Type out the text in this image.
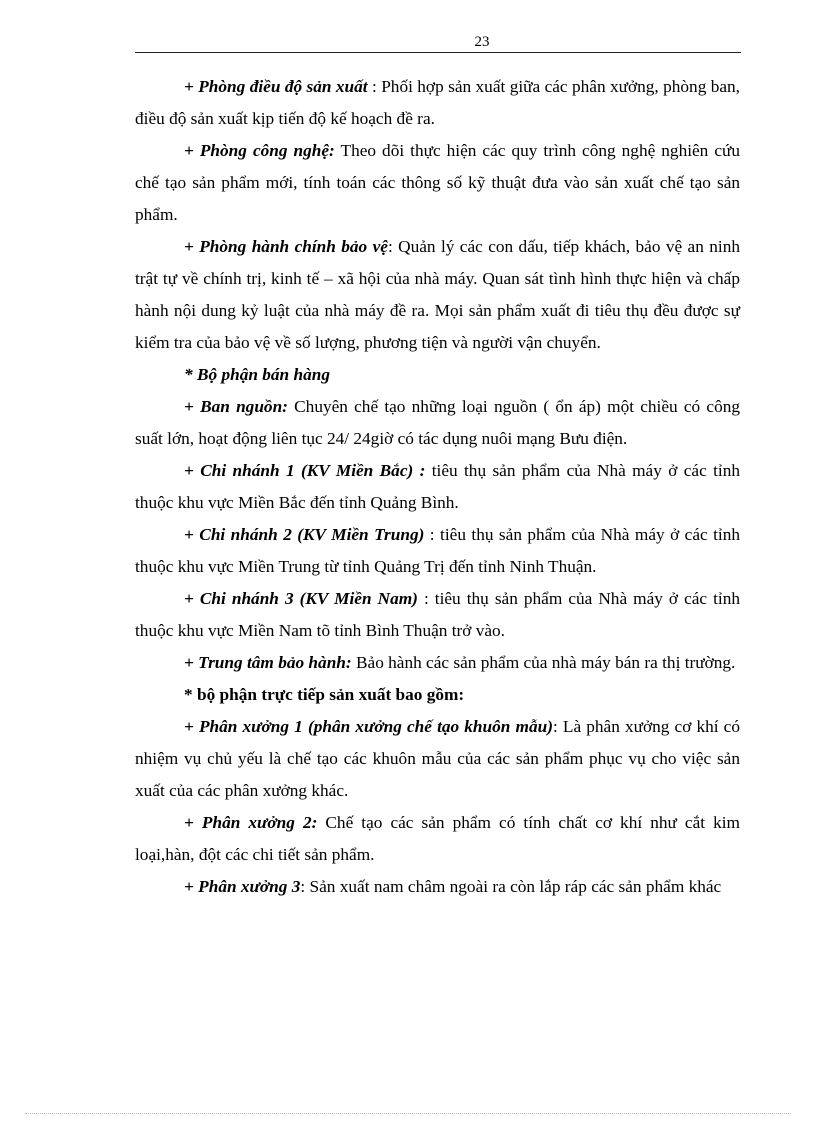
23

+ Phòng điều độ sản xuất : Phối hợp sản xuất giữa các phân xưởng, phòng ban, điều độ sản xuất kịp tiến độ kế hoạch đề ra.

+ Phòng công nghệ: Theo dõi thực hiện các quy trình công nghệ nghiên cứu chế tạo sản phẩm mới, tính toán các thông số kỹ thuật đưa vào sản xuất chế tạo sản phẩm.

+ Phòng hành chính bảo vệ: Quản lý các con dấu, tiếp khách, bảo vệ an ninh trật tự về chính trị, kinh tế – xã hội của nhà máy. Quan sát tình hình thực hiện và chấp hành nội dung kỷ luật của nhà máy đề ra. Mọi sản phẩm xuất đi tiêu thụ đều được sự kiểm tra của bảo vệ về số lượng, phương tiện và người vận chuyển.

* Bộ phận bán hàng

+ Ban nguồn: Chuyên chế tạo những loại nguồn ( ổn áp) một chiều có công suất lớn, hoạt động liên tục 24/ 24giờ có tác dụng nuôi mạng Bưu điện.

+ Chi nhánh 1 (KV Miền Bắc) : tiêu thụ sản phẩm của Nhà máy ở các tỉnh thuộc khu vực Miền Bắc đến tỉnh Quảng Bình.

+ Chi nhánh 2 (KV Miền Trung) : tiêu thụ sản phẩm của Nhà máy ở các tỉnh thuộc khu vực Miền Trung từ tỉnh Quảng Trị đến tỉnh Ninh Thuận.

+ Chi nhánh 3 (KV Miền Nam) : tiêu thụ sản phẩm của Nhà máy ở các tỉnh thuộc khu vực Miền Nam tõ tỉnh Bình Thuận trở vào.

+ Trung tâm bảo hành: Bảo hành các sản phẩm của nhà máy bán ra thị trường.

* bộ phận trực tiếp sản xuất bao gồm:

+ Phân xưởng 1 (phân xưởng chế tạo khuôn mẫu): Là phân xưởng cơ khí có nhiệm vụ chủ yếu là chế tạo các khuôn mẫu của các sản phẩm phục vụ cho việc sản xuất của các phân xưởng khác.

+ Phân xưởng 2: Chế tạo các sản phẩm có tính chất cơ khí như cắt kim loại,hàn, đột các chi tiết sản phẩm.

+ Phân xưởng 3: Sản xuất nam châm ngoài ra còn lắp ráp các sản phẩm khác
